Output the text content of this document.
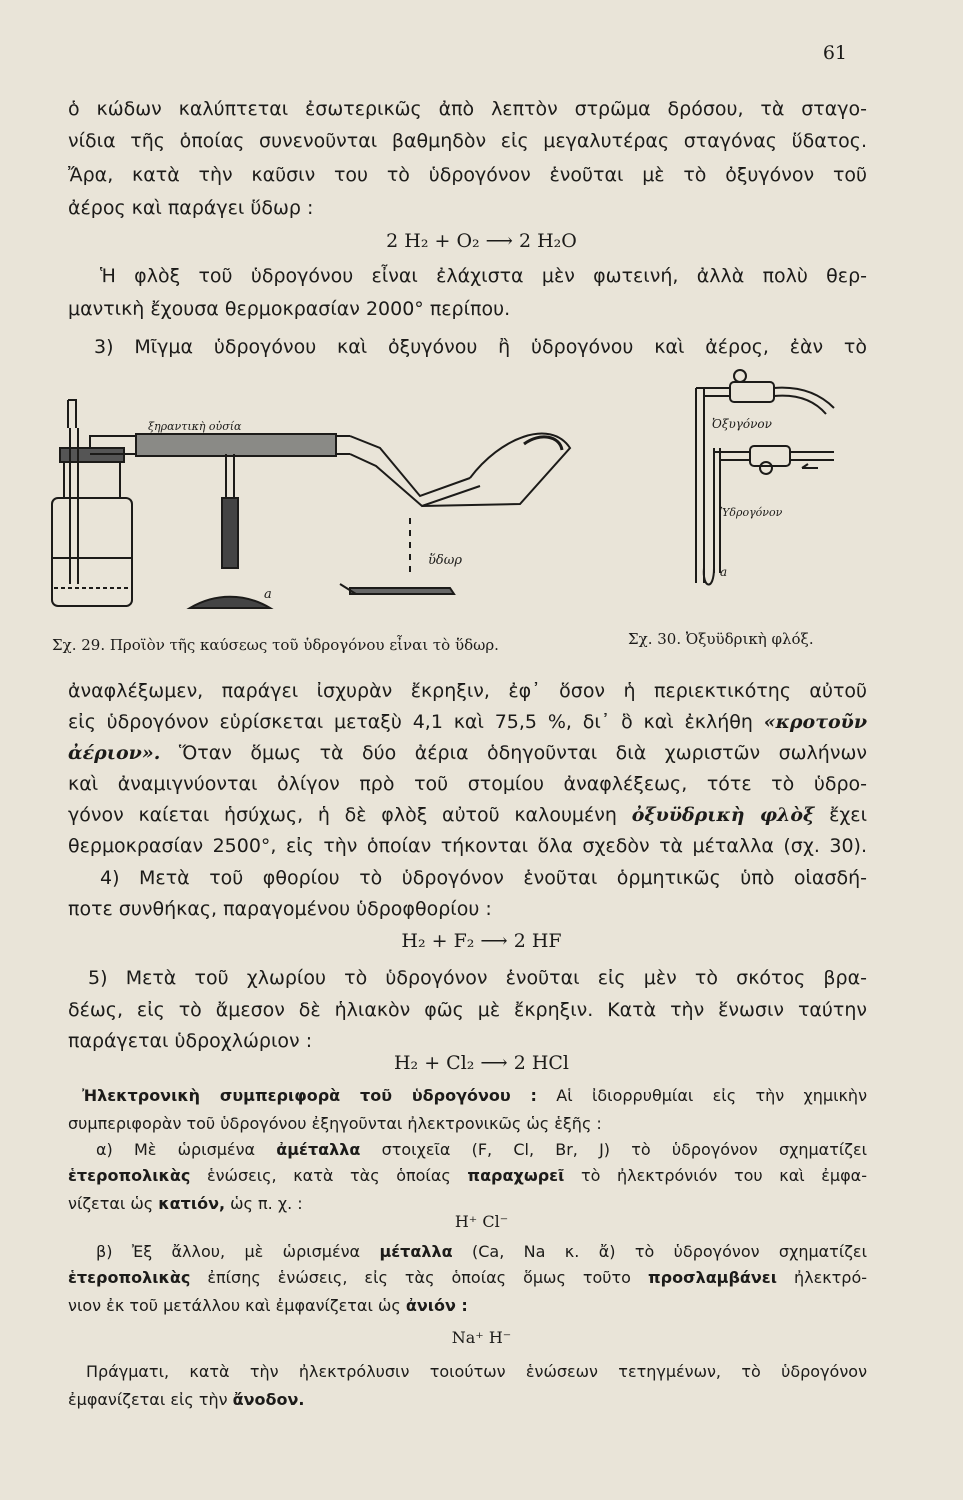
61
ὁ κώδων καλύπτεται ἐσωτερικῶς ἀπὸ λεπτὸν στρῶμα δρόσου, τὰ σταγο-
νίδια τῆς ὁποίας συνενοῦνται βαθμηδὸν εἰς μεγαλυτέρας σταγόνας ὕδατος.
Ἄρα, κατὰ τὴν καῦσιν του τὸ ὑδρογόνον ἑνοῦται μὲ τὸ ὀξυγόνον τοῦ
ἀέρος καὶ παράγει ὕδωρ :
2 H₂ + O₂ ⟶ 2 H₂O
Ἡ φλὸξ τοῦ ὑδρογόνου εἶναι ἐλάχιστα μὲν φωτεινή, ἀλλὰ πολὺ θερ-
μαντικὴ ἔχουσα θερμοκρασίαν 2000° περίπου.
3) Μῖγμα ὑδρογόνου καὶ ὀξυγόνου ἢ ὑδρογόνου καὶ ἀέρος, ἐὰν τὸ
ξηραντικὴ οὐσία
ὕδωρ
a
Σχ. 29. Προϊὸν τῆς καύσεως τοῦ ὑδρογόνου εἶναι τὸ ὕδωρ.
Ὀξυγόνον
Ὑδρογόνον
a
Σχ. 30. Ὀξυϋδρικὴ φλόξ.
ἀναφλέξωμεν, παράγει ἰσχυρὰν ἔκρηξιν, ἐφ᾽ ὅσον ἡ περιεκτικότης αὐτοῦ
εἰς ὑδρογόνον εὑρίσκεται μεταξὺ 4,1 καὶ 75,5 %, δι᾽ ὃ καὶ ἐκλήθη «κροτοῦν
ἀέριον». Ὅταν ὅμως τὰ δύο ἀέρια ὁδηγοῦνται διὰ χωριστῶν σωλήνων
καὶ ἀναμιγνύονται ὀλίγον πρὸ τοῦ στομίου ἀναφλέξεως, τότε τὸ ὑδρο-
γόνον καίεται ἡσύχως, ἡ δὲ φλὸξ αὐτοῦ καλουμένη ὀξυϋδρικὴ φλὸξ ἔχει
θερμοκρασίαν 2500°, εἰς τὴν ὁποίαν τήκονται ὅλα σχεδὸν τὰ μέταλλα (σχ. 30).
4) Μετὰ τοῦ φθορίου τὸ ὑδρογόνον ἑνοῦται ὁρμητικῶς ὑπὸ οἱασδή-
ποτε συνθήκας, παραγομένου ὑδροφθορίου :
H₂ + F₂ ⟶ 2 HF
5) Μετὰ τοῦ χλωρίου τὸ ὑδρογόνον ἑνοῦται εἰς μὲν τὸ σκότος βρα-
δέως, εἰς τὸ ἄμεσον δὲ ἡλιακὸν φῶς μὲ ἔκρηξιν. Κατὰ τὴν ἕνωσιν ταύτην
παράγεται ὑδροχλώριον :
H₂ + Cl₂ ⟶ 2 HCl
Ἠλεκτρονικὴ συμπεριφορὰ τοῦ ὑδρογόνου : Αἱ ἰδιορρυθμίαι εἰς τὴν χημικὴν
συμπεριφορὰν τοῦ ὑδρογόνου ἐξηγοῦνται ἠλεκτρονικῶς ὡς ἑξῆς :
α) Μὲ ὡρισμένα ἀμέταλλα στοιχεῖα (F, Cl, Br, J) τὸ ὑδρογόνον σχηματίζει
ἑτεροπολικὰς ἑνώσεις, κατὰ τὰς ὁποίας παραχωρεῖ τὸ ἠλεκτρόνιόν του καὶ ἐμφα-
νίζεται ὡς κατιόν, ὡς π. χ. :
H⁺ Cl⁻
β) Ἐξ ἄλλου, μὲ ὡρισμένα μέταλλα (Ca, Na κ. ἄ) τὸ ὑδρογόνον σχηματίζει
ἑτεροπολικὰς ἐπίσης ἑνώσεις, εἰς τὰς ὁποίας ὅμως τοῦτο προσλαμβάνει ἠλεκτρό-
νιον ἐκ τοῦ μετάλλου καὶ ἐμφανίζεται ὡς ἀνιόν :
Na⁺ H⁻
Πράγματι, κατὰ τὴν ἠλεκτρόλυσιν τοιούτων ἑνώσεων τετηγμένων, τὸ ὑδρογόνον
ἐμφανίζεται εἰς τὴν ἄνοδον.
